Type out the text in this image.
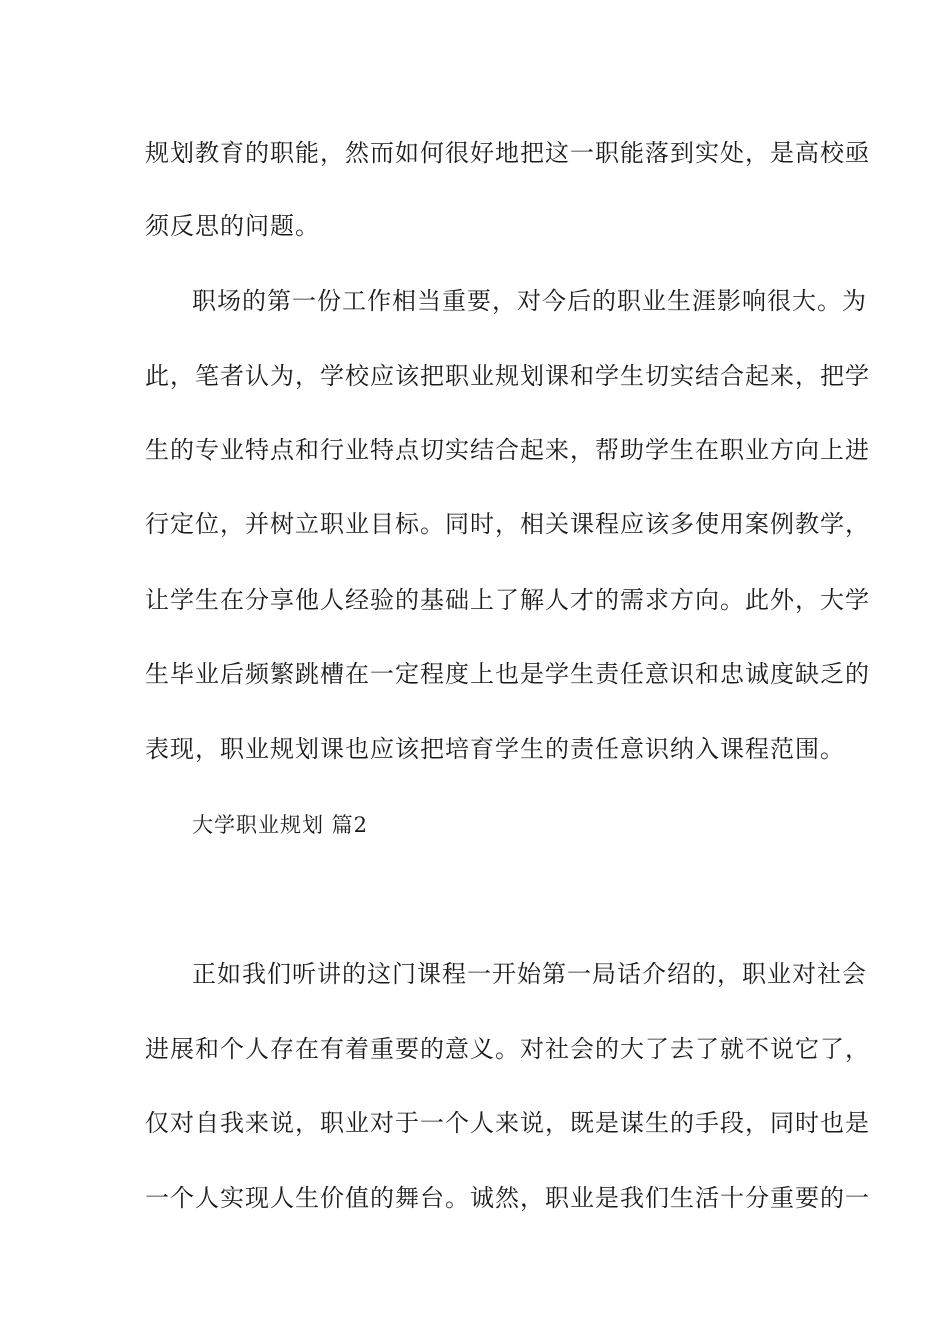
规划教育的职能，然而如何很好地把这一职能落到实处，是高校亟
须反思的问题。
职场的第一份工作相当重要，对今后的职业生涯影响很大。为
此，笔者认为，学校应该把职业规划课和学生切实结合起来，把学
生的专业特点和行业特点切实结合起来，帮助学生在职业方向上进
行定位，并树立职业目标。同时，相关课程应该多使用案例教学，
让学生在分享他人经验的基础上了解人才的需求方向。此外，大学
生毕业后频繁跳槽在一定程度上也是学生责任意识和忠诚度缺乏的
表现，职业规划课也应该把培育学生的责任意识纳入课程范围。
大学职业规划 篇2
正如我们听讲的这门课程一开始第一局话介绍的，职业对社会
进展和个人存在有着重要的意义。对社会的大了去了就不说它了，
仅对自我来说，职业对于一个人来说，既是谋生的手段，同时也是
一个人实现人生价值的舞台。诚然，职业是我们生活十分重要的一
